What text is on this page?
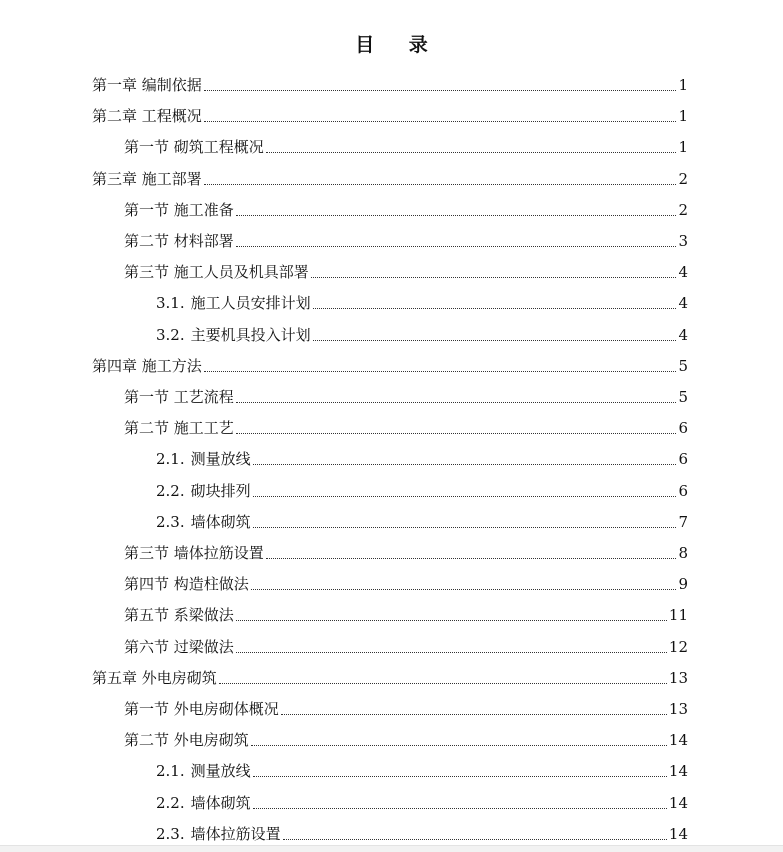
目 录
第一章 编制依据	1
第二章 工程概况	1
第一节 砌筑工程概况	1
第三章 施工部署	2
第一节 施工准备	2
第二节 材料部署	3
第三节 施工人员及机具部署	4
3.1. 施工人员安排计划	4
3.2. 主要机具投入计划	4
第四章 施工方法	5
第一节 工艺流程	5
第二节 施工工艺	6
2.1. 测量放线	6
2.2. 砌块排列	6
2.3. 墙体砌筑	7
第三节 墙体拉筋设置	8
第四节 构造柱做法	9
第五节 系梁做法	11
第六节 过梁做法	12
第五章 外电房砌筑	13
第一节 外电房砌体概况	13
第二节 外电房砌筑	14
2.1. 测量放线	14
2.2. 墙体砌筑	14
2.3. 墙体拉筋设置	14
